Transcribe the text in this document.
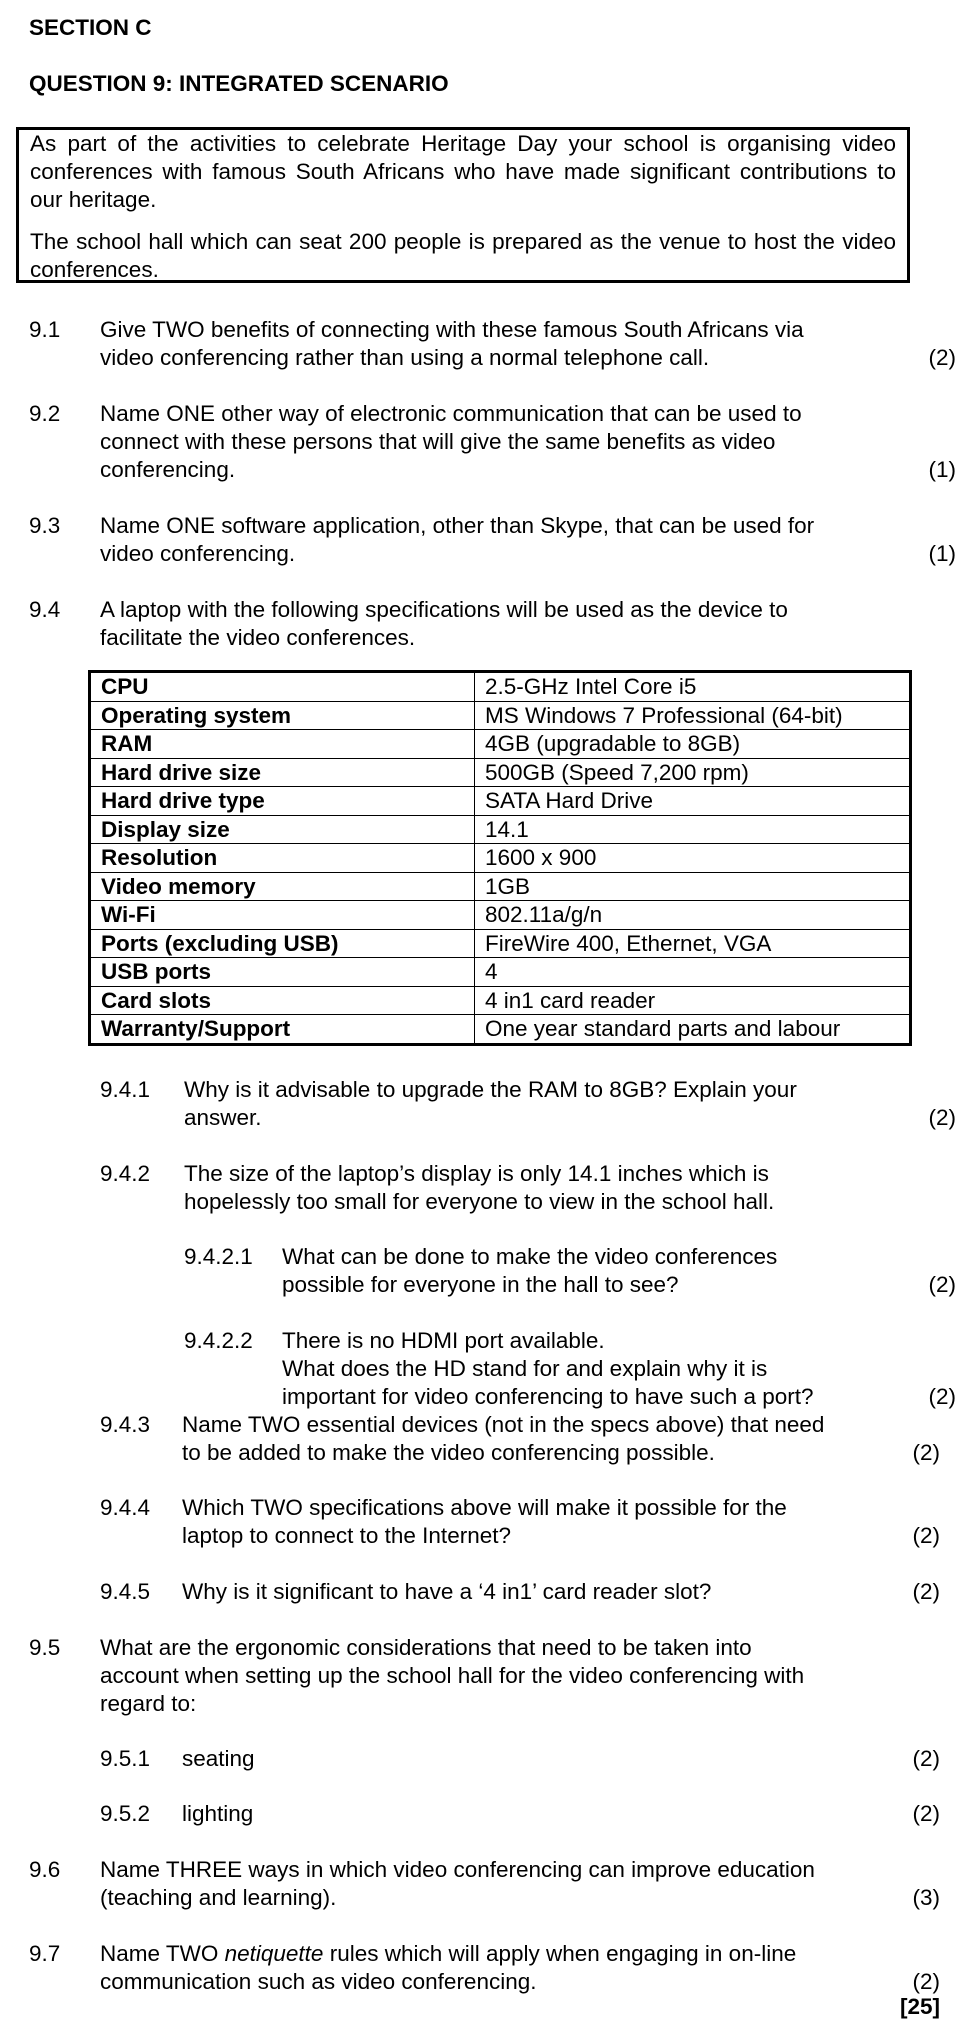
SECTION C
QUESTION 9: INTEGRATED SCENARIO

As part of the activities to celebrate Heritage Day your school is organising video conferences with famous South Africans who have made significant contributions to our heritage.

The school hall which can seat 200 people is prepared as the venue to host the video conferences.

9.1 Give TWO benefits of connecting with these famous South Africans via
video conferencing rather than using a normal telephone call.	(2)
9.2 Name ONE other way of electronic communication that can be used to
connect with these persons that will give the same benefits as video
conferencing.	(1)
9.3 Name ONE software application, other than Skype, that can be used for
video conferencing.	(1)
9.4 A laptop with the following specifications will be used as the device to
facilitate the video conferences.
CPU	2.5-GHz Intel Core i5
Operating system	MS Windows 7 Professional (64-bit)
RAM	4GB (upgradable to 8GB)
Hard drive size	500GB (Speed 7,200 rpm)
Hard drive type	SATA Hard Drive
Display size	14.1
Resolution	1600 x 900
Video memory	1GB
Wi-Fi	802.11a/g/n
Ports (excluding USB)	FireWire 400, Ethernet, VGA
USB ports	4
Card slots	4 in1 card reader
Warranty/Support	One year standard parts and labour
9.4.1 Why is it advisable to upgrade the RAM to 8GB? Explain your
answer.	(2)
9.4.2 The size of the laptop’s display is only 14.1 inches which is
hopelessly too small for everyone to view in the school hall.
9.4.2.1 What can be done to make the video conferences
possible for everyone in the hall to see?	(2)
9.4.2.2 There is no HDMI port available.
What does the HD stand for and explain why it is
important for video conferencing to have such a port?	(2)
9.4.3 Name TWO essential devices (not in the specs above) that need
to be added to make the video conferencing possible.	(2)
9.4.4 Which TWO specifications above will make it possible for the
laptop to connect to the Internet?	(2)
9.4.5 Why is it significant to have a ‘4 in1’ card reader slot?	(2)
9.5 What are the ergonomic considerations that need to be taken into
account when setting up the school hall for the video conferencing with
regard to:
9.5.1 seating	(2)
9.5.2 lighting	(2)
9.6 Name THREE ways in which video conferencing can improve education
(teaching and learning).	(3)
9.7 Name TWO netiquette rules which will apply when engaging in on-line
communication such as video conferencing.	(2)
[25]
